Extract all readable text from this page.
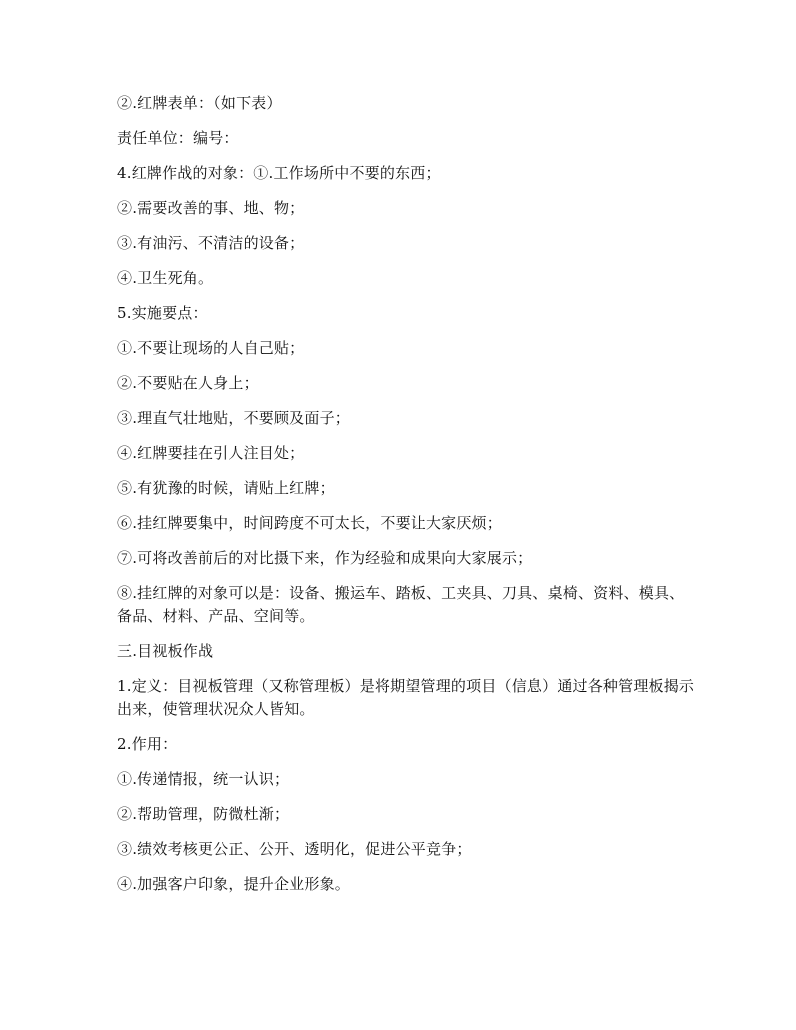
②.红牌表单：（如下表）

责任单位：编号：

4.红牌作战的对象：①.工作场所中不要的东西；

②.需要改善的事、地、物；

③.有油污、不清洁的设备；

④.卫生死角。

5.实施要点：

①.不要让现场的人自己贴；

②.不要贴在人身上；

③.理直气壮地贴，不要顾及面子；

④.红牌要挂在引人注目处；

⑤.有犹豫的时候，请贴上红牌；

⑥.挂红牌要集中，时间跨度不可太长，不要让大家厌烦；

⑦.可将改善前后的对比摄下来，作为经验和成果向大家展示；

⑧.挂红牌的对象可以是：设备、搬运车、踏板、工夹具、刀具、桌椅、资料、模具、备品、材料、产品、空间等。

三.目视板作战

1.定义：目视板管理（又称管理板）是将期望管理的项目（信息）通过各种管理板揭示出来，使管理状况众人皆知。

2.作用：

①.传递情报，统一认识；

②.帮助管理，防微杜渐；

③.绩效考核更公正、公开、透明化，促进公平竞争；

④.加强客户印象，提升企业形象。
